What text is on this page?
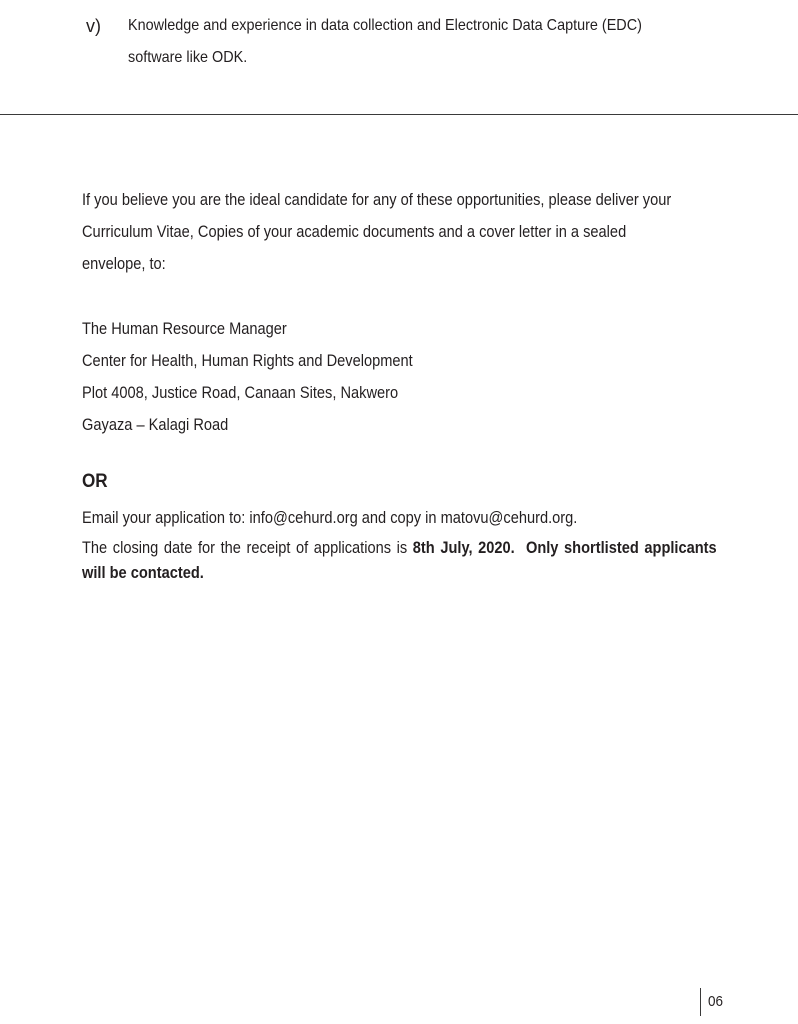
v) Knowledge and experience in data collection and Electronic Data Capture (EDC) software like ODK.
If you believe you are the ideal candidate for any of these opportunities, please deliver your Curriculum Vitae, Copies of your academic documents and a cover letter in a sealed envelope, to:
The Human Resource Manager
Center for Health, Human Rights and Development
Plot 4008, Justice Road, Canaan Sites, Nakwero
Gayaza – Kalagi Road
OR
Email your application to: info@cehurd.org and copy in matovu@cehurd.org.
The closing date for the receipt of applications is 8th July, 2020. Only shortlisted applicants will be contacted.
06
